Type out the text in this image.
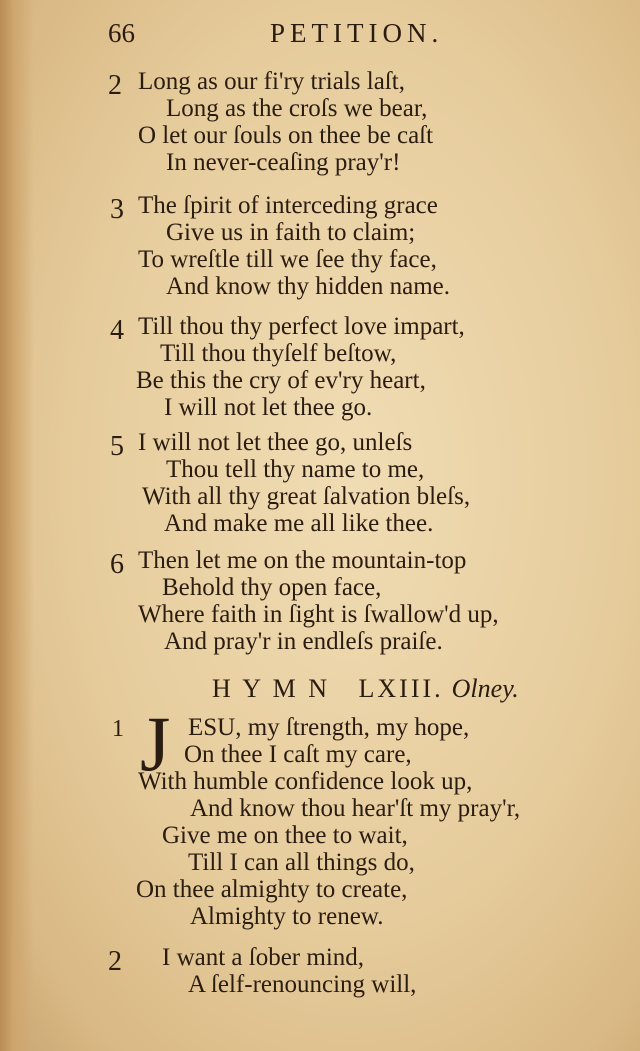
66	PETITION.
2 Long as our fi'ry trials laſt,
Long as the croſs we bear,
O let our ſouls on thee be caſt
In never-ceaſing pray'r!
3 The ſpirit of interceding grace
Give us in faith to claim;
To wreſtle till we ſee thy face,
And know thy hidden name.
4 Till thou thy perfect love impart,
Till thou thyſelf beſtow,
Be this the cry of ev'ry heart,
I will not let thee go.
5 I will not let thee go, unleſs
Thou tell thy name to me,
With all thy great ſalvation bleſs,
And make me all like thee.
6 Then let me on the mountain-top
Behold thy open face,
Where faith in ſight is ſwallow'd up,
And pray'r in endleſs praiſe.
H Y M N   LXIII. Olney.
1 J ESU, my ſtrength, my hope,
On thee I caſt my care,
With humble confidence look up,
And know thou hear'ſt my pray'r,
Give me on thee to wait,
Till I can all things do,
On thee almighty to create,
Almighty to renew.
2 I want a ſober mind,
A ſelf-renouncing will,
